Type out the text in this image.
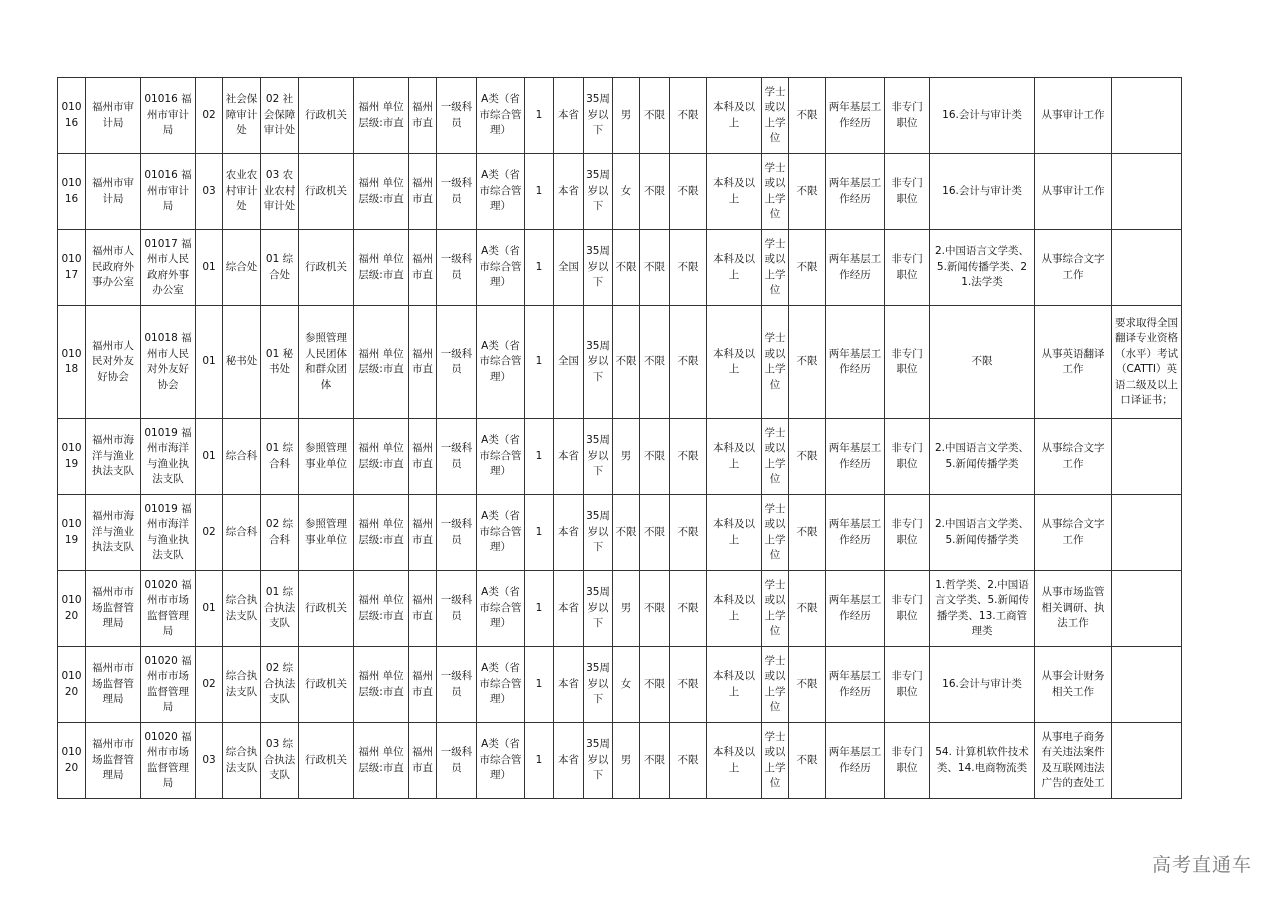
01016	福州市审计局	01016 福州市审计局	02	社会保障审计处	02 社会保障审计处	行政机关	福州 单位层级:市直	福州市直	一级科员	A类（省市综合管理）	1	本省	35周岁以下	男	不限	不限	本科及以上	学士或以上学位	不限	两年基层工作经历	非专门职位	16.会计与审计类	从事审计工作	
01016	福州市审计局	01016 福州市审计局	03	农业农村审计处	03 农业农村审计处	行政机关	福州 单位层级:市直	福州市直	一级科员	A类（省市综合管理）	1	本省	35周岁以下	女	不限	不限	本科及以上	学士或以上学位	不限	两年基层工作经历	非专门职位	16.会计与审计类	从事审计工作	
01017	福州市人民政府外事办公室	01017 福州市人民政府外事办公室	01	综合处	01 综合处	行政机关	福州 单位层级:市直	福州市直	一级科员	A类（省市综合管理）	1	全国	35周岁以下	不限	不限	不限	本科及以上	学士或以上学位	不限	两年基层工作经历	非专门职位	2.中国语言文学类、5.新闻传播学类、21.法学类	从事综合文字工作	
01018	福州市人民对外友好协会	01018 福州市人民对外友好协会	01	秘书处	01 秘书处	参照管理人民团体和群众团体	福州 单位层级:市直	福州市直	一级科员	A类（省市综合管理）	1	全国	35周岁以下	不限	不限	不限	本科及以上	学士或以上学位	不限	两年基层工作经历	非专门职位	不限	从事英语翻译工作	要求取得全国翻译专业资格（水平）考试（CATTI）英语二级及以上口译证书；
01019	福州市海洋与渔业执法支队	01019 福州市海洋与渔业执法支队	01	综合科	01 综合科	参照管理事业单位	福州 单位层级:市直	福州市直	一级科员	A类（省市综合管理）	1	本省	35周岁以下	男	不限	不限	本科及以上	学士或以上学位	不限	两年基层工作经历	非专门职位	2.中国语言文学类、5.新闻传播学类	从事综合文字工作	
01019	福州市海洋与渔业执法支队	01019 福州市海洋与渔业执法支队	02	综合科	02 综合科	参照管理事业单位	福州 单位层级:市直	福州市直	一级科员	A类（省市综合管理）	1	本省	35周岁以下	不限	不限	不限	本科及以上	学士或以上学位	不限	两年基层工作经历	非专门职位	2.中国语言文学类、5.新闻传播学类	从事综合文字工作	
01020	福州市市场监督管理局	01020 福州市市场监督管理局	01	综合执法支队	01 综合执法支队	行政机关	福州 单位层级:市直	福州市直	一级科员	A类（省市综合管理）	1	本省	35周岁以下	男	不限	不限	本科及以上	学士或以上学位	不限	两年基层工作经历	非专门职位	1.哲学类、2.中国语言文学类、5.新闻传播学类、13.工商管理类	从事市场监管相关调研、执法工作	
01020	福州市市场监督管理局	01020 福州市市场监督管理局	02	综合执法支队	02 综合执法支队	行政机关	福州 单位层级:市直	福州市直	一级科员	A类（省市综合管理）	1	本省	35周岁以下	女	不限	不限	本科及以上	学士或以上学位	不限	两年基层工作经历	非专门职位	16.会计与审计类	从事会计财务相关工作	
01020	福州市市场监督管理局	01020 福州市市场监督管理局	03	综合执法支队	03 综合执法支队	行政机关	福州 单位层级:市直	福州市直	一级科员	A类（省市综合管理）	1	本省	35周岁以下	男	不限	不限	本科及以上	学士或以上学位	不限	两年基层工作经历	非专门职位	54. 计算机软件技术类、14.电商物流类	从事电子商务有关违法案件及互联网违法广告的查处工	
高考直通车
